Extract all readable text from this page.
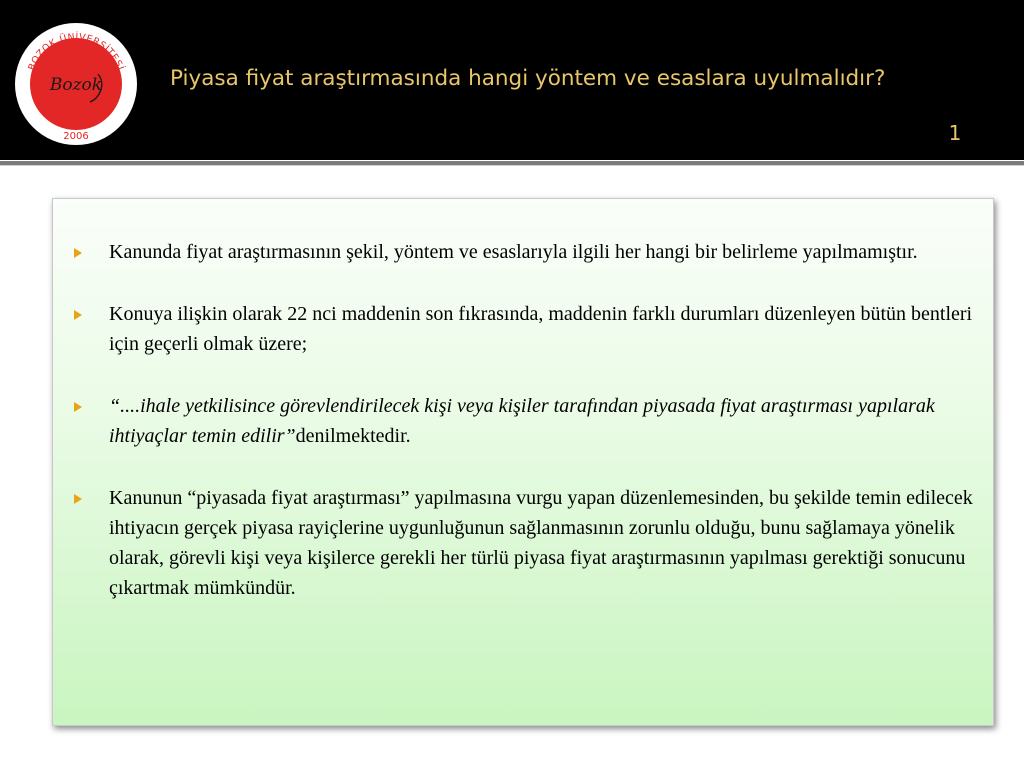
BOZOK ÜNİVERSİTESİ
Bozok
2006
Piyasa fiyat araştırmasında hangi yöntem ve esaslara uyulmalıdır?
1
Kanunda fiyat araştırmasının şekil, yöntem ve esaslarıyla ilgili her hangi bir belirleme yapılmamıştır.
Konuya ilişkin olarak 22 nci maddenin son fıkrasında, maddenin farklı durumları düzenleyen bütün bentleri için geçerli olmak üzere;
“....ihale yetkilisince görevlendirilecek kişi veya kişiler tarafından piyasada fiyat araştırması yapılarak ihtiyaçlar temin edilir”denilmektedir.
Kanunun “piyasada fiyat araştırması” yapılmasına vurgu yapan düzenlemesinden, bu şekilde temin edilecek ihtiyacın gerçek piyasa rayiçlerine uygunluğunun sağlanmasının zorunlu olduğu, bunu sağlamaya yönelik olarak, görevli kişi veya kişilerce gerekli her türlü piyasa fiyat araştırmasının yapılması gerektiği sonucunu çıkartmak mümkündür.
